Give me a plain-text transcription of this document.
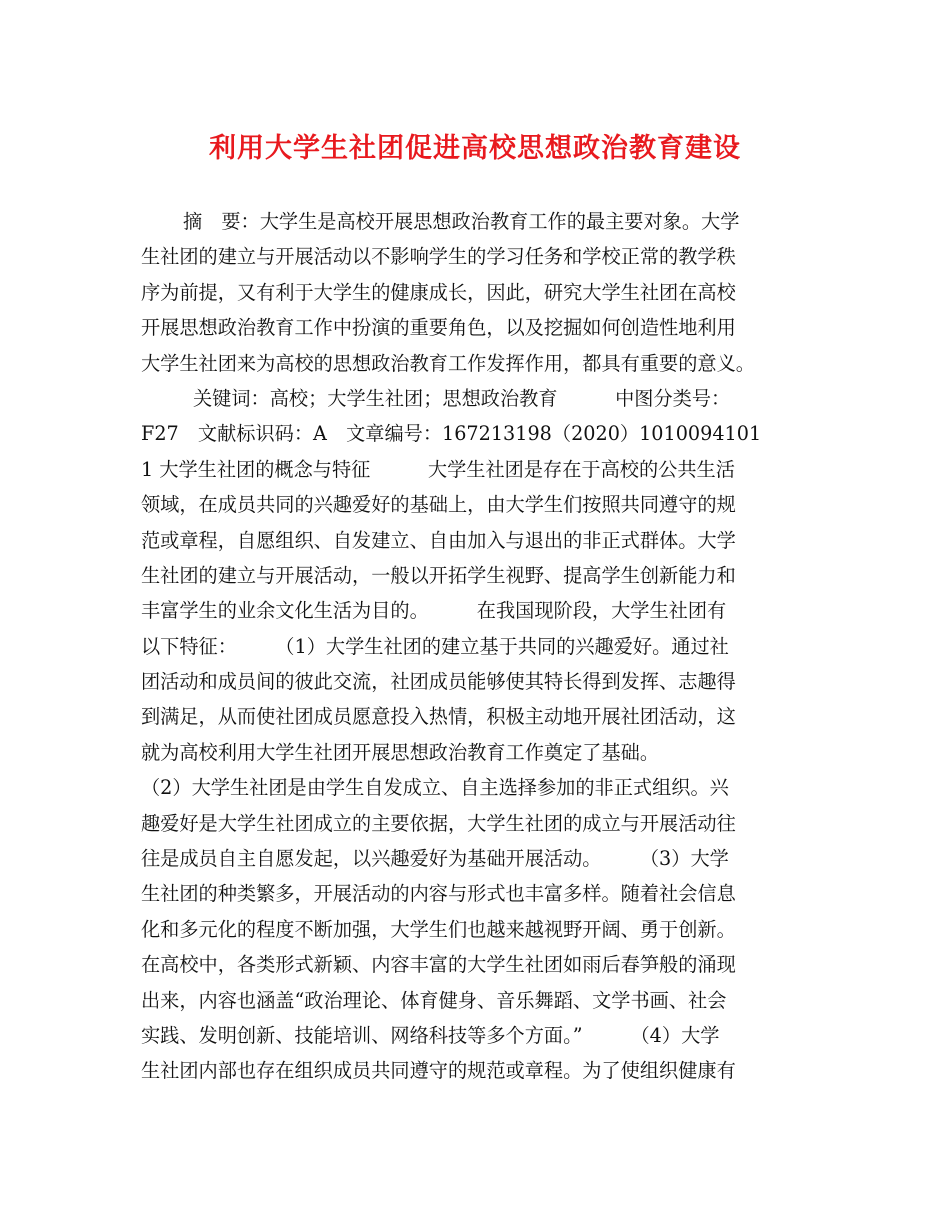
利用大学生社团促进高校思想政治教育建设
摘　要：大学生是高校开展思想政治教育工作的最主要对象。大学
生社团的建立与开展活动以不影响学生的学习任务和学校正常的教学秩
序为前提，又有利于大学生的健康成长，因此，研究大学生社团在高校
开展思想政治教育工作中扮演的重要角色，以及挖掘如何创造性地利用
大学生社团来为高校的思想政治教育工作发挥作用，都具有重要的意义。
关键词：高校；大学生社团；思想政治教育　　　中图分类号：
F27　文献标识码：A　文章编号：167213198（2020）1010094101
1 大学生社团的概念与特征　　　大学生社团是存在于高校的公共生活
领域，在成员共同的兴趣爱好的基础上，由大学生们按照共同遵守的规
范或章程，自愿组织、自发建立、自由加入与退出的非正式群体。大学
生社团的建立与开展活动，一般以开拓学生视野、提高学生创新能力和
丰富学生的业余文化生活为目的。　　　在我国现阶段，大学生社团有
以下特征：　　　（1）大学生社团的建立基于共同的兴趣爱好。通过社
团活动和成员间的彼此交流，社团成员能够使其特长得到发挥、志趣得
到满足，从而使社团成员愿意投入热情，积极主动地开展社团活动，这
就为高校利用大学生社团开展思想政治教育工作奠定了基础。
（2）大学生社团是由学生自发成立、自主选择参加的非正式组织。兴
趣爱好是大学生社团成立的主要依据，大学生社团的成立与开展活动往
往是成员自主自愿发起，以兴趣爱好为基础开展活动。　　　（3）大学
生社团的种类繁多，开展活动的内容与形式也丰富多样。随着社会信息
化和多元化的程度不断加强，大学生们也越来越视野开阔、勇于创新。
在高校中，各类形式新颖、内容丰富的大学生社团如雨后春笋般的涌现
出来，内容也涵盖“政治理论、体育健身、音乐舞蹈、文学书画、社会
实践、发明创新、技能培训、网络科技等多个方面。”　　　（4）大学
生社团内部也存在组织成员共同遵守的规范或章程。为了使组织健康有
